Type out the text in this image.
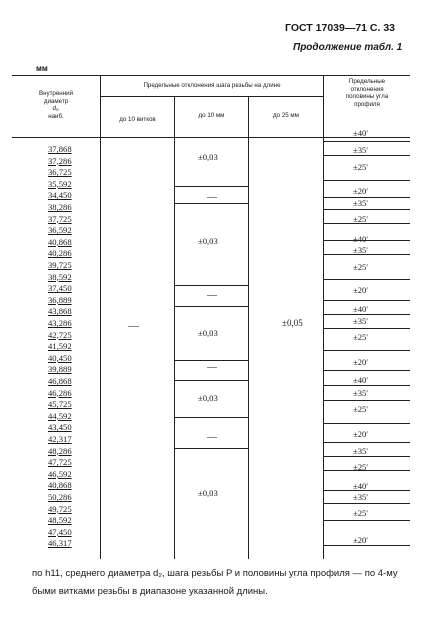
ГОСТ 17039—71 С. 33
Продолжение табл. 1
мм
Внутренний
диаметр
d₁,
наиб.
Предельные отклонения шага резьбы на длине
до 10 витков
до 10 мм	до 25 мм
Предельные
отклонения
половины угла
профиля
37,868
37,286
36,725
35,592
34,450
38,286
37,725
36,592
40,868
40,286
39,725
38,592
37,450
36,889
43,868
43,286
42,725
41,592
40,450
39,889
46,868
46,286
45,725
44,592
43,450
42,317
48,286
47,725
46,592
40,868
50,286
49,725
48,592
47,450
46,317
—
±0,03
—
±0,03
—
±0,03
—
±0,03
—
±0,03
±0,05
±40′
±35′
±25′
±20′
±35′
±25′
±40′
±35′
±25′
±20′
±40′
±35′
±25′
±20′
±40′
±35′
±25′
±20′
±35′
±25′
±40′
±35′
±25′
±20′
по h11, среднего диаметра d₂, шага резьбы P и половины угла профиля — по 4-му
быми витками резьбы в диапазоне указанной длины.
